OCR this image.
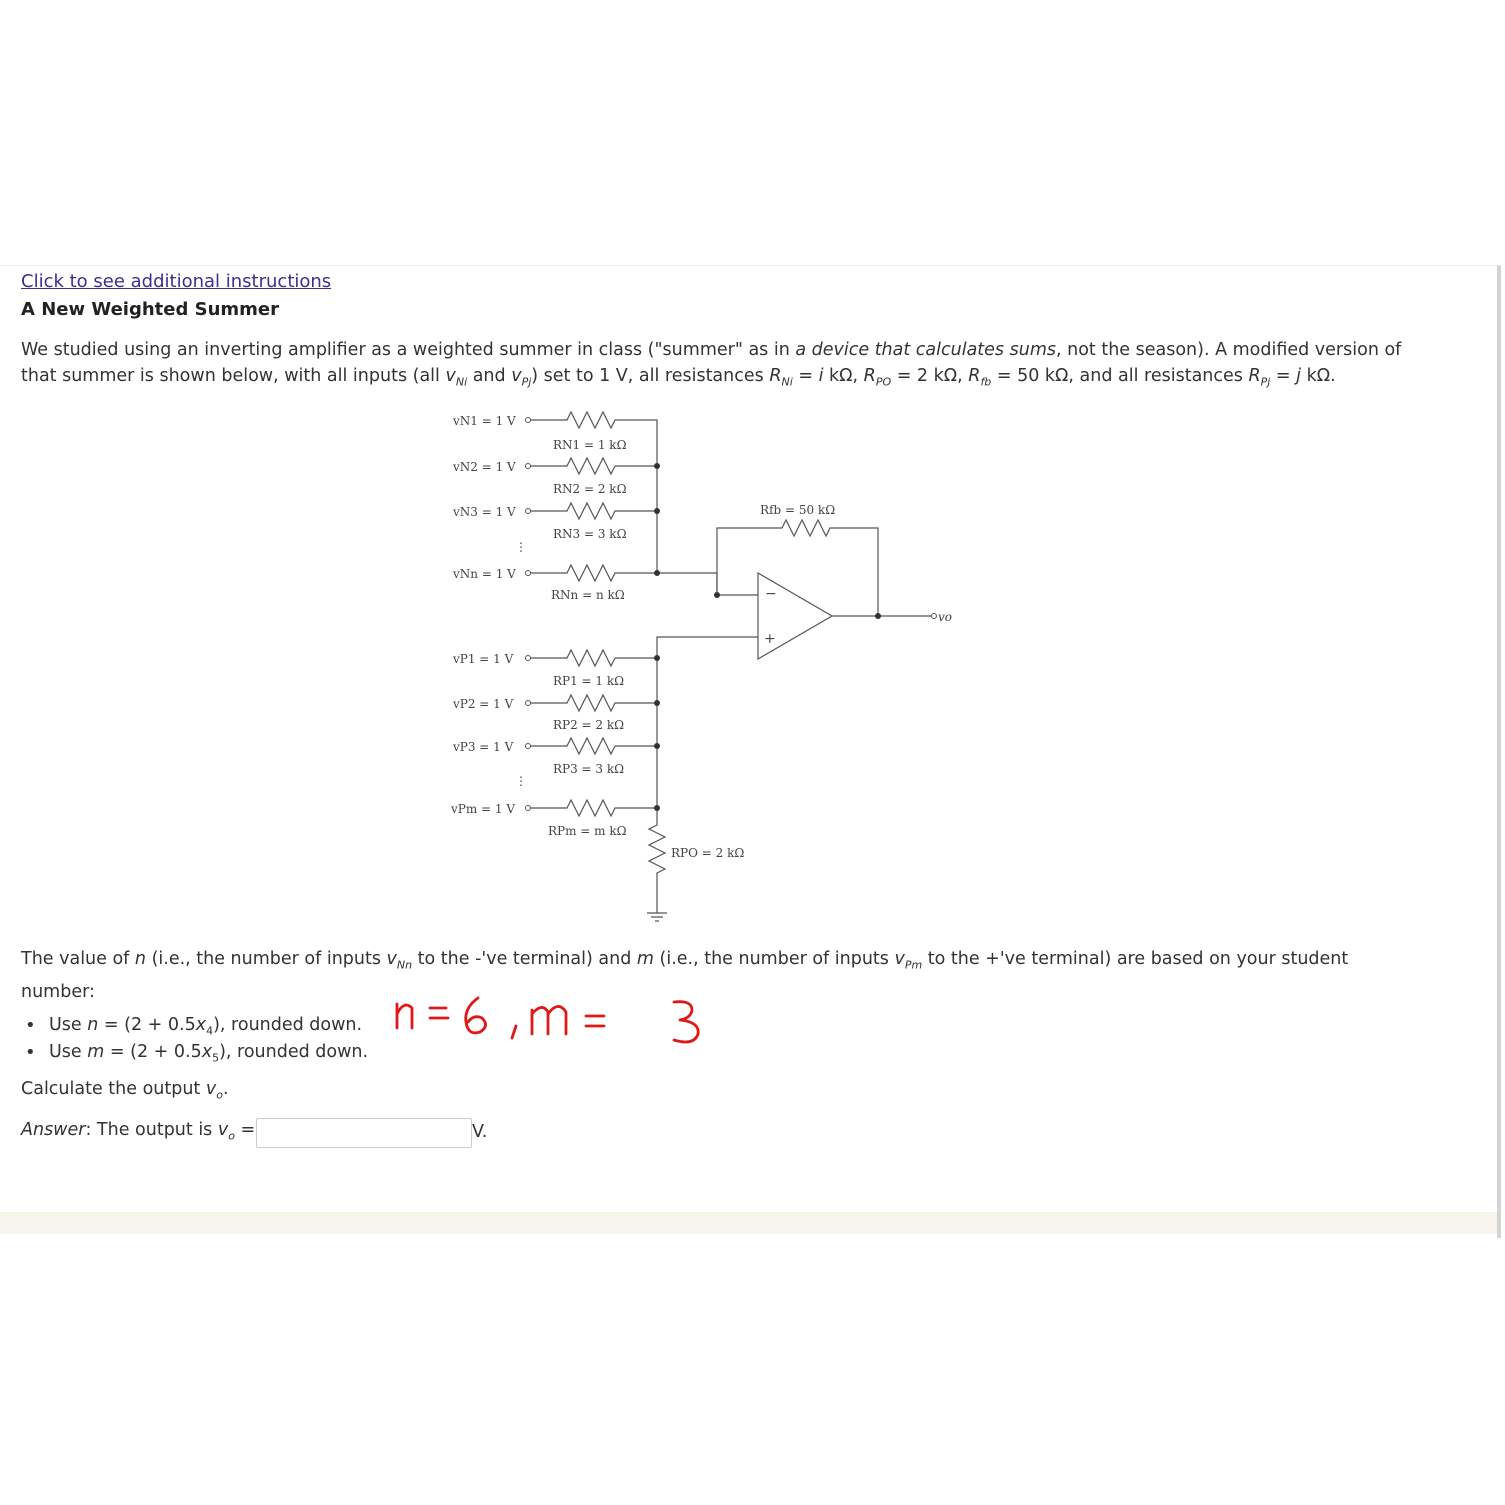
Click to see additional instructions
A New Weighted Summer
We studied using an inverting amplifier as a weighted summer in class ("summer" as in a device that calculates sums, not the season). A modified version of
that summer is shown below, with all inputs (all $v_{Ni}$ and $v_{Pj}$) set to 1 V, all resistances $R_{Ni} = i$ kΩ, $R_{PO} = 2$ kΩ, $R_{fb} = 50$ kΩ, and all resistances $R_{Pj} = j$ kΩ.
vN1 = 1 V
vN2 = 1 V
vN3 = 1 V
⋮
vNn = 1 V
RN1 = 1 kΩ
RN2 = 2 kΩ
RN3 = 3 kΩ
RNn = n kΩ
Rfb = 50 kΩ
−
+
vo
vP1 = 1 V
vP2 = 1 V
vP3 = 1 V
⋮
vPm = 1 V
RP1 = 1 kΩ
RP2 = 2 kΩ
RP3 = 3 kΩ
RPm = m kΩ
RPO = 2 kΩ
The value of n (i.e., the number of inputs $v_{Nn}$ to the -'ve terminal) and m (i.e., the number of inputs $v_{Pm}$ to the +'ve terminal) are based on your student
number:
• Use $n = (2 + 0.5x_4)$, rounded down.
• Use $m = (2 + 0.5x_5)$, rounded down.
Calculate the output $v_o$.
Answer: The output is $v_o$ =	V.
